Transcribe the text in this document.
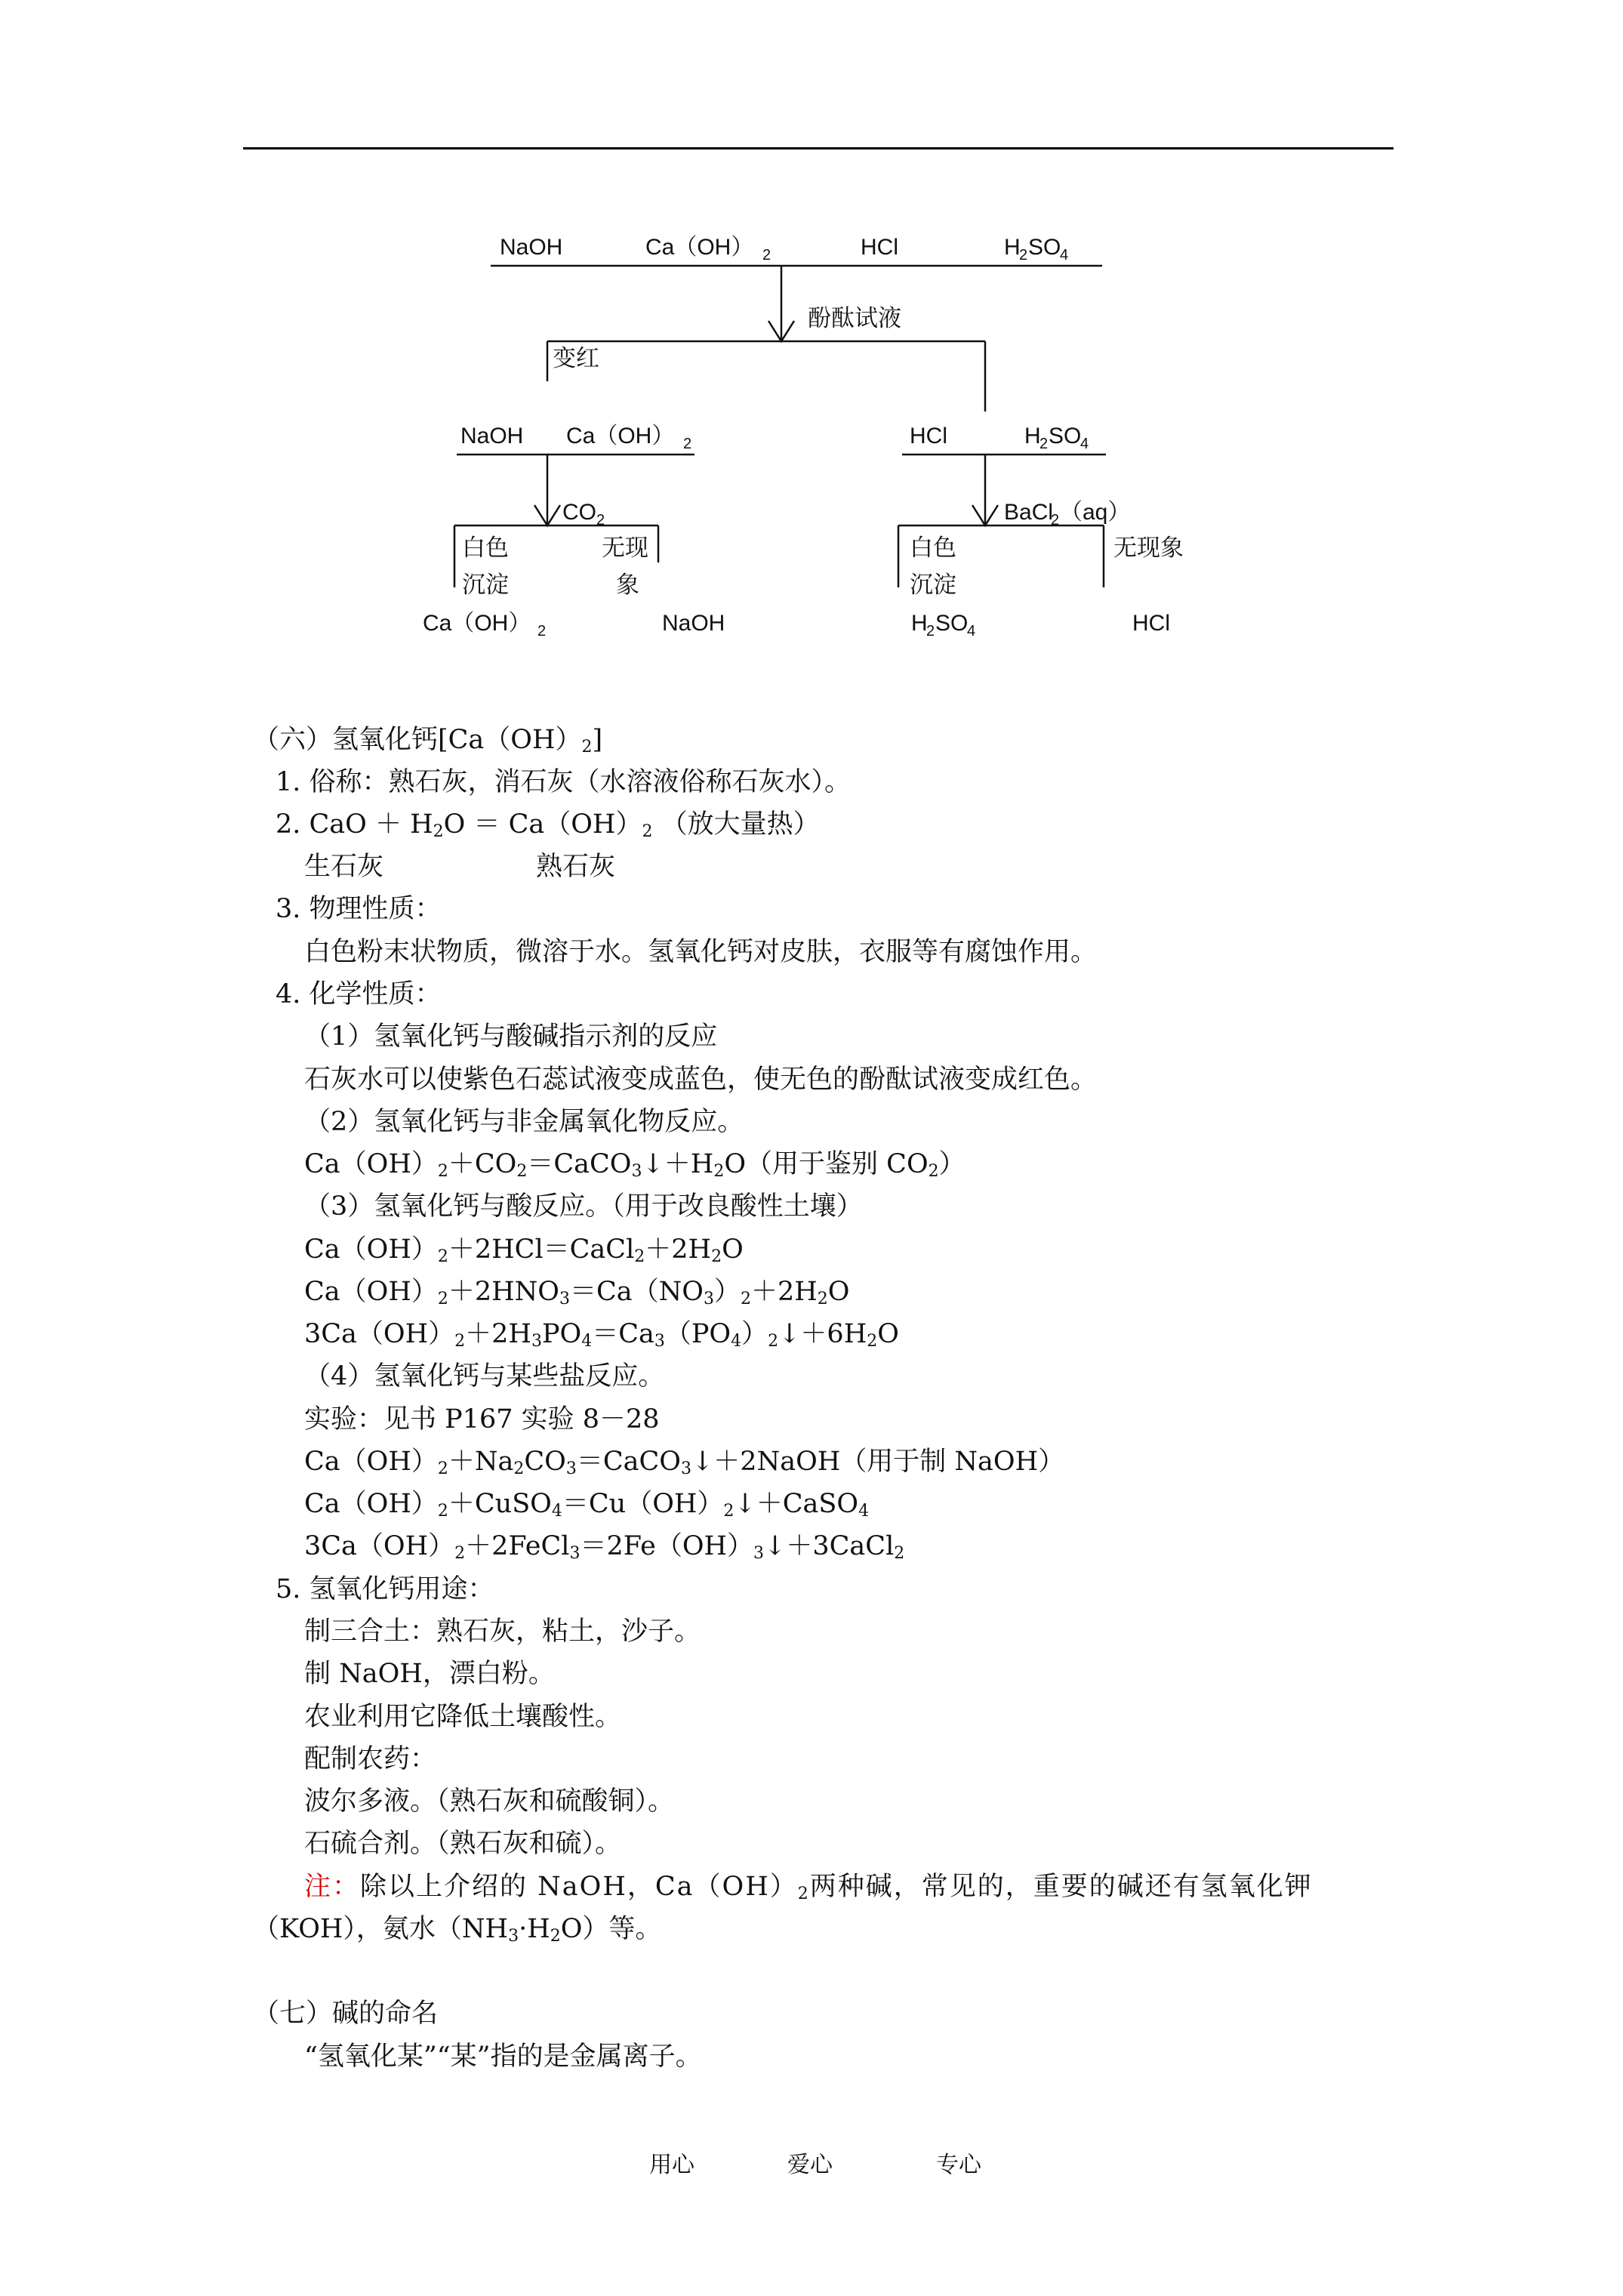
NaOH	Ca（OH） 2	HCl	H
2 SO
4
酚酞试液
变红
NaOH Ca（OH） 2	HCl	H
2 SO
4
CO 2	BaCl
2 （aq）
白色
沉淀
无现
象
白色
沉淀
无现象
Ca（OH） 2	NaOH	H
2 SO
4	HCl
（六）氢氧化钙$[Ca(OH)_2]$
1. 俗称：熟石灰，消石灰（水溶液俗称石灰水）。
2. CaO ＋ $H_2O = Ca(OH)_2$ （放大量热）
生石灰	熟石灰
3. 物理性质：
白色粉末状物质，微溶于水。氢氧化钙对皮肤，衣服等有腐蚀作用。
4. 化学性质：
（1）氢氧化钙与酸碱指示剂的反应
石灰水可以使紫色石蕊试液变成蓝色，使无色的酚酞试液变成红色。
（2）氢氧化钙与非金属氧化物反应。
$Ca(OH)_2+CO_2=CaCO_3↓+H_2O$（用于鉴别 $CO_2$）
（3）氢氧化钙与酸反应。（用于改良酸性土壤）
$Ca(OH)_2+2HCl=CaCl_2+2H_2O$
$Ca(OH)_2+2HNO_3=Ca(NO_3)_2+2H_2O$
$3Ca(OH)_2+2H_3PO_4=Ca_3(PO_4)_2↓+6H_2O$
（4）氢氧化钙与某些盐反应。
实验：见书 P167 实验 8－28
$Ca(OH)_2+Na_2CO_3=CaCO_3↓+2NaOH$（用于制 NaOH）
$Ca(OH)_2+CuSO_4=Cu(OH)_2↓+CaSO_4$
$3Ca(OH)_2+2FeCl_3=2Fe(OH)_3↓+3CaCl_2$
5. 氢氧化钙用途：
制三合土：熟石灰，粘土，沙子。
制 NaOH，漂白粉。
农业利用它降低土壤酸性。
配制农药：
波尔多液。（熟石灰和硫酸铜）。
石硫合剂。（熟石灰和硫）。
注：除以上介绍的 NaOH，$Ca(OH)_2$两种碱，常见的，重要的碱还有氢氧化钾
（KOH），氨水$(NH_3\cdot H_2O)$等。
（七）碱的命名
“氢氧化某”“某”指的是金属离子。
用心	爱心	专心
